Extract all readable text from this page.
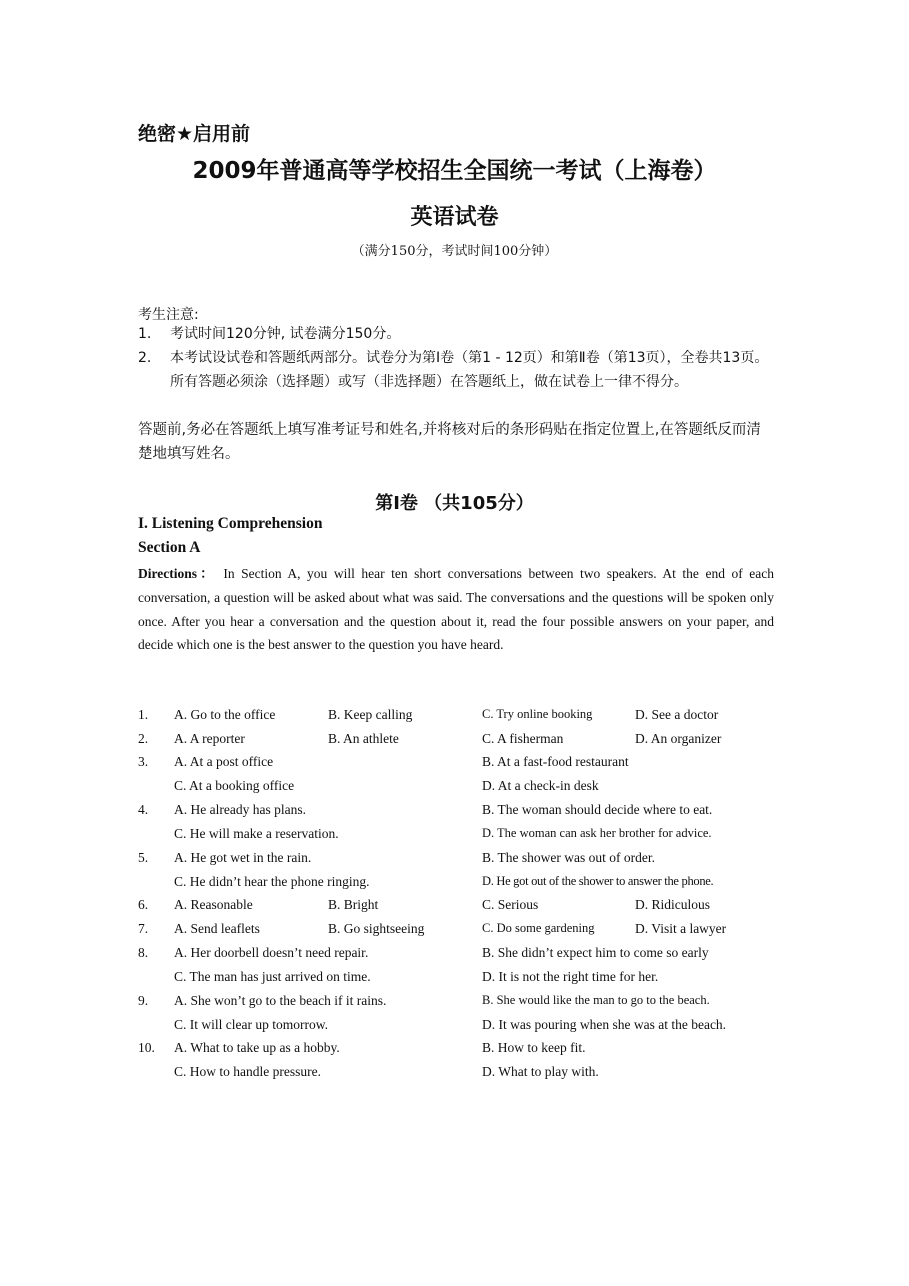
绝密★启用前
2009年普通高等学校招生全国统一考试（上海卷）
英语试卷
（满分150分，考试时间100分钟）
考生注意:
1. 考试时间120分钟, 试卷满分150分。
2. 本考试设试卷和答题纸两部分。试卷分为第Ⅰ卷（第1 - 12页）和第Ⅱ卷（第13页），全卷共13页。所有答题必须涂（选择题）或写（非选择题）在答题纸上，做在试卷上一律不得分。
答题前,务必在答题纸上填写准考证号和姓名,并将核对后的条形码贴在指定位置上,在答题纸反而清楚地填写姓名。
第Ⅰ卷 （共105分）
I. Listening Comprehension
Section A
Directions： In Section A, you will hear ten short conversations between two speakers. At the end of each conversation, a question will be asked about what was said. The conversations and the questions will be spoken only once. After you hear a conversation and the question about it, read the four possible answers on your paper, and decide which one is the best answer to the question you have heard.
1. A. Go to the office	B. Keep calling	C. Try online booking	D. See a doctor
2. A. A reporter	B. An athlete	C. A fisherman	D. An organizer
3. A. At a post office	B. At a fast-food restaurant
C. At a booking office	D. At a check-in desk
4. A. He already has plans.	B. The woman should decide where to eat.
C. He will make a reservation.	D. The woman can ask her brother for advice.
5. A. He got wet in the rain.	B. The shower was out of order.
C. He didn’t hear the phone ringing.	D. He got out of the shower to answer the phone.
6. A. Reasonable	B. Bright	C. Serious	D. Ridiculous
7. A. Send leaflets	B. Go sightseeing	C. Do some gardening	D. Visit a lawyer
8. A. Her doorbell doesn’t need repair.	B. She didn’t expect him to come so early
C. The man has just arrived on time.	D. It is not the right time for her.
9. A. She won’t go to the beach if it rains.	B. She would like the man to go to the beach.
C. It will clear up tomorrow.	D. It was pouring when she was at the beach.
10. A. What to take up as a hobby.	B. How to keep fit.
C. How to handle pressure.	D. What to play with.
